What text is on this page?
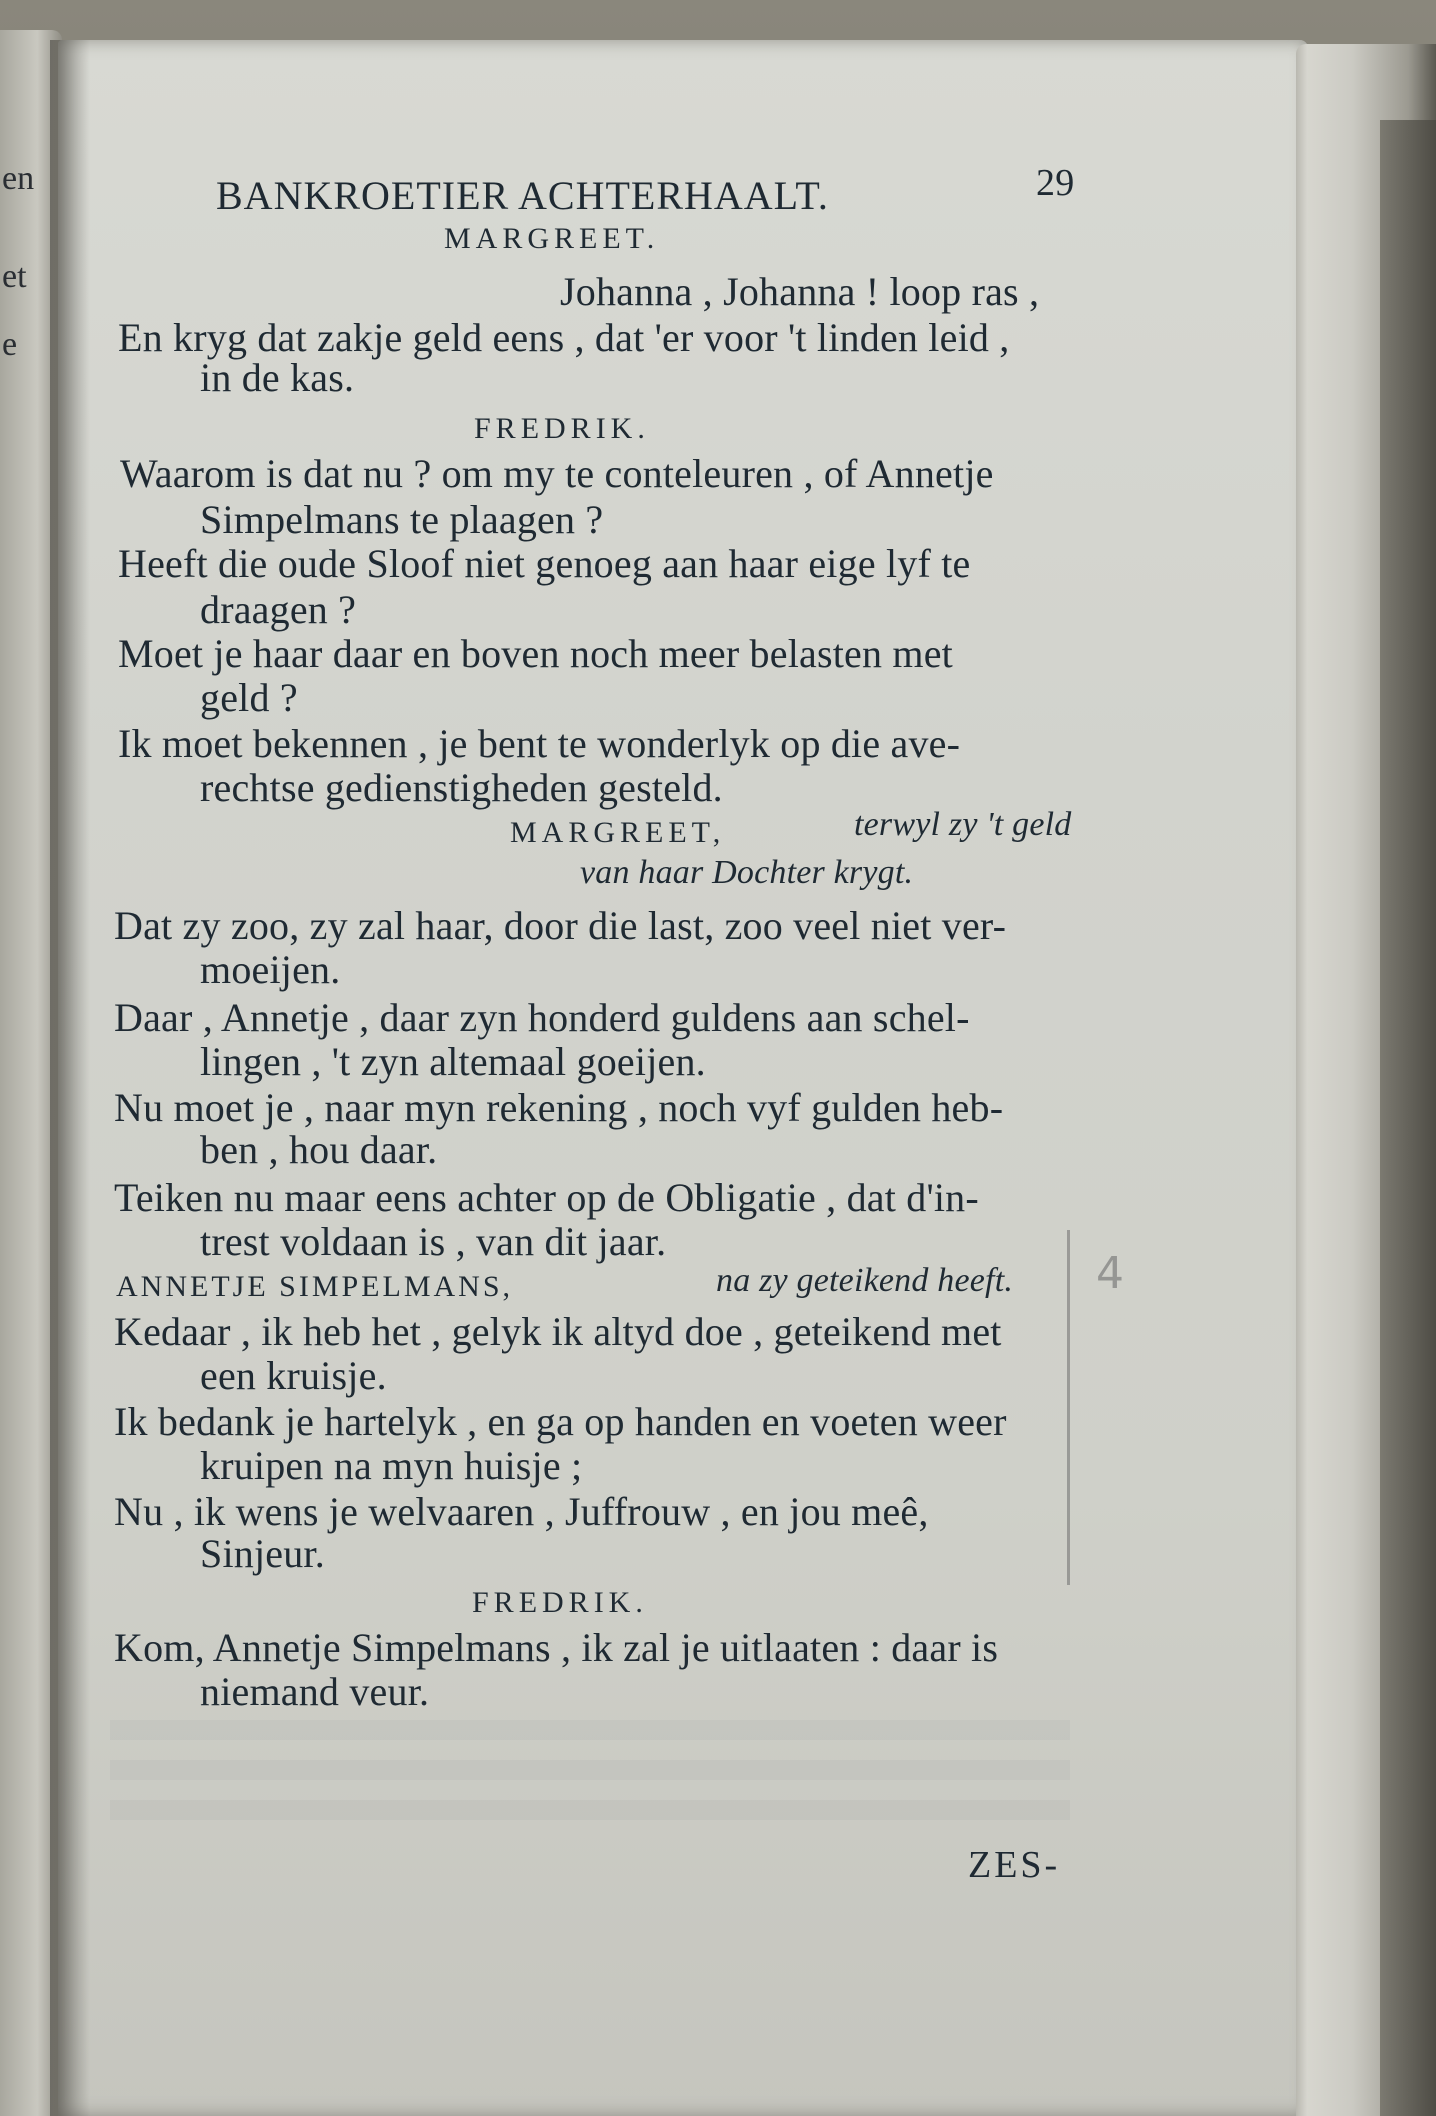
en
et
e
BANKROETIER ACHTERHAALT.	29
MARGREET.
Johanna , Johanna ! loop ras ,
En kryg dat zakje geld eens , dat 'er voor 't linden leid ,
in de kas.
FREDRIK.
Waarom is dat nu ? om my te conteleuren , of Annetje
Simpelmans te plaagen ?
Heeft die oude Sloof niet genoeg aan haar eige lyf te
draagen ?
Moet je haar daar en boven noch meer belasten met
geld ?
Ik moet bekennen , je bent te wonderlyk op die ave-
rechtse gedienstigheden gesteld.
MARGREET,	terwyl zy 't geld
van haar Dochter krygt.
Dat zy zoo, zy zal haar, door die last, zoo veel niet ver-
moeijen.
Daar , Annetje , daar zyn honderd guldens aan schel-
lingen , 't zyn altemaal goeijen.
Nu moet je , naar myn rekening , noch vyf gulden heb-
ben , hou daar.
Teiken nu maar eens achter op de Obligatie , dat d'in-
trest voldaan is , van dit jaar.
ANNETJE SIMPELMANS,	na zy geteikend heeft.
Kedaar , ik heb het , gelyk ik altyd doe , geteikend met
een kruisje.
Ik bedank je hartelyk , en ga op handen en voeten weer
kruipen na myn huisje ;
Nu , ik wens je welvaaren , Juffrouw , en jou meê,
Sinjeur.
FREDRIK.
Kom, Annetje Simpelmans , ik zal je uitlaaten : daar is
niemand veur.
ZES-
4
